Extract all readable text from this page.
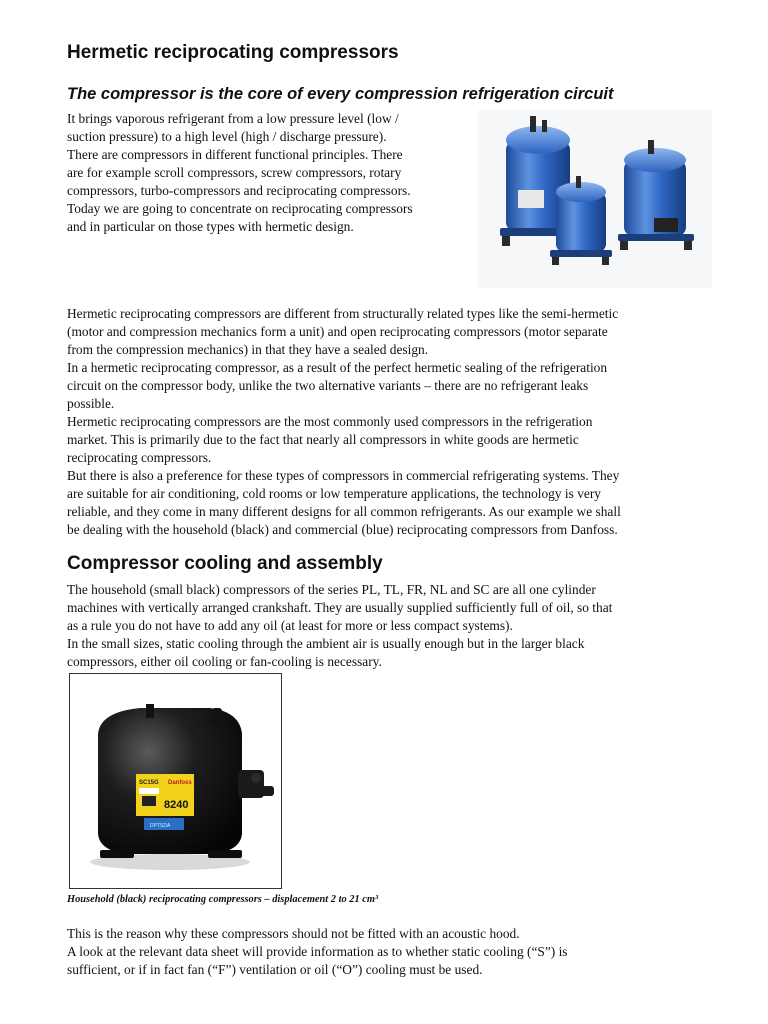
Hermetic reciprocating compressors
The compressor is the core of every compression refrigeration circuit
It brings vaporous refrigerant from a low pressure level (low /
suction pressure) to a high level (high / discharge pressure).
There are compressors in different functional principles. There
are for example scroll compressors, screw compressors, rotary
compressors, turbo-compressors and reciprocating compressors.
Today we are going to concentrate on reciprocating compressors
and in particular on those types with hermetic design.
Hermetic reciprocating compressors are different from structurally related types like the semi-hermetic
(motor and compression mechanics form a unit) and open reciprocating compressors (motor separate
from the compression mechanics) in that they have a sealed design.
In a hermetic reciprocating compressor, as a result of the perfect hermetic sealing of the refrigeration
circuit on the compressor body, unlike the two alternative variants – there are no refrigerant leaks
possible.
Hermetic reciprocating compressors are the most commonly used compressors in the refrigeration
market. This is primarily due to the fact that nearly all compressors in white goods are hermetic
reciprocating compressors.
But there is also a preference for these types of compressors in commercial refrigerating systems. They
are suitable for air conditioning, cold rooms or low temperature applications, the technology is very
reliable, and they come in many different designs for all common refrigerants. As our example we shall
be dealing with the household (black) and commercial (blue) reciprocating compressors from Danfoss.
Compressor cooling and assembly
The household (small black) compressors of the series PL, TL, FR, NL and SC are all one cylinder
machines with vertically arranged crankshaft. They are usually supplied sufficiently full of oil, so that
as a rule you do not have to add any oil (at least for more or less compact systems).
In the small sizes, static cooling through the ambient air is usually enough but in the larger black
compressors, either oil cooling or fan-cooling is necessary.
SC15G Danfoss
8240
DPTSDA

Household (black) reciprocating compressors – displacement 2 to 21 cm³

This is the reason why these compressors should not be fitted with an acoustic hood.
A look at the relevant data sheet will provide information as to whether static cooling (“S”) is
sufficient, or if in fact fan (“F”) ventilation or oil (“O”) cooling must be used.
